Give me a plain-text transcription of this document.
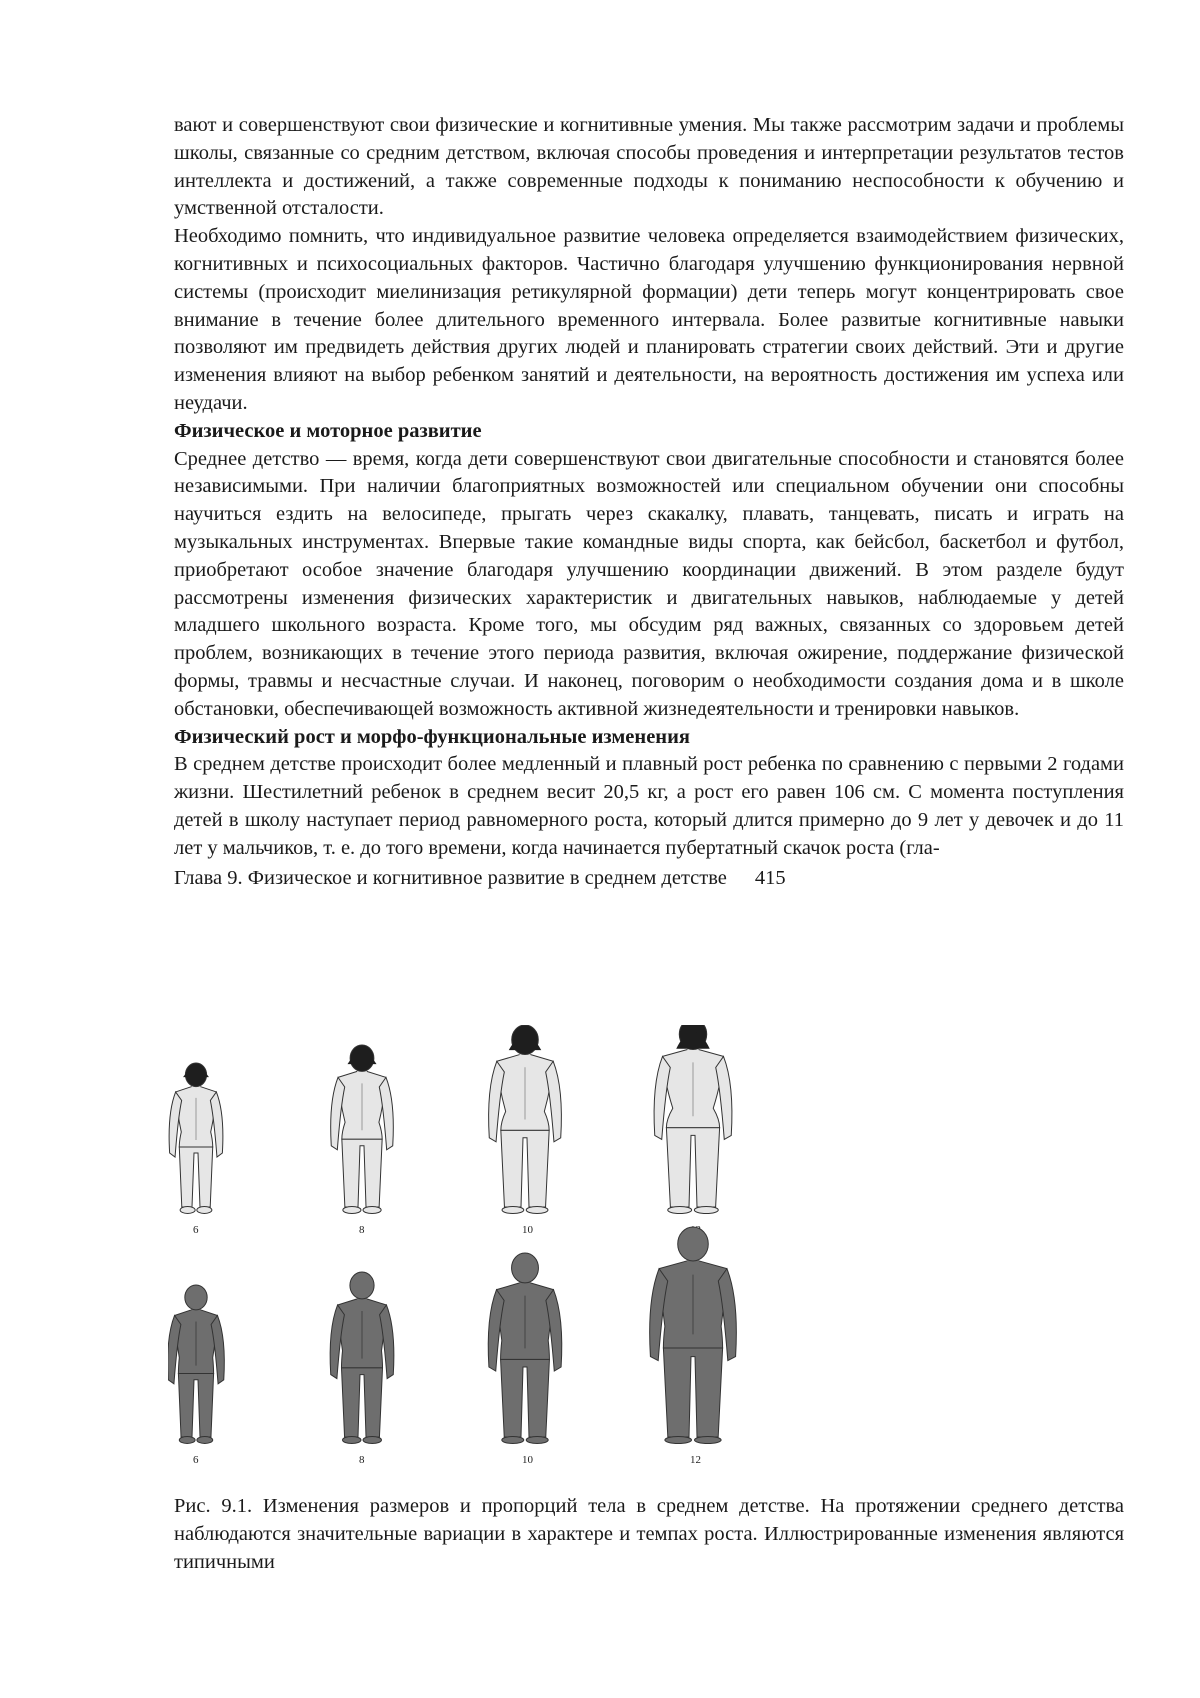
вают и совершенствуют свои физические и когнитивные умения. Мы также рассмотрим задачи и проблемы школы, связанные со средним детством, включая способы проведения и интерпретации результатов тестов интеллекта и достижений, а также современные подходы к пониманию неспособности к обучению и умственной отсталости.

Необходимо помнить, что индивидуальное развитие человека определяется взаимодействием физических, когнитивных и психосоциальных факторов. Частично благодаря улучшению функционирования нервной системы (происходит миелинизация ретикулярной формации) дети теперь могут концентрировать свое внимание в течение более длительного временного интервала. Более развитые когнитивные навыки позволяют им предвидеть действия других людей и планировать стратегии своих действий. Эти и другие изменения влияют на выбор ребенком занятий и деятельности, на вероятность достижения им успеха или неудачи.

Физическое и моторное развитие

Среднее детство — время, когда дети совершенствуют свои двигательные способности и становятся более независимыми. При наличии благоприятных возможностей или специальном обучении они способны научиться ездить на велосипеде, прыгать через скакалку, плавать, танцевать, писать и играть на музыкальных инструментах. Впервые такие командные виды спорта, как бейсбол, баскетбол и футбол, приобретают особое значение благодаря улучшению координации движений. В этом разделе будут рассмотрены изменения физических характеристик и двигательных навыков, наблюдаемые у детей младшего школьного возраста. Кроме того, мы обсудим ряд важных, связанных со здоровьем детей проблем, возникающих в течение этого периода развития, включая ожирение, поддержание физической формы, травмы и несчастные случаи. И наконец, поговорим о необходимости создания дома и в школе обстановки, обеспечивающей возможность активной жизнедеятельности и тренировки навыков.

Физический рост и морфо-функциональные изменения

В среднем детстве происходит более медленный и плавный рост ребенка по сравнению с первыми 2 годами жизни. Шестилетний ребенок в среднем весит 20,5 кг, а рост его равен 106 см. С момента поступления детей в школу наступает период равномерного роста, который длится примерно до 9 лет у девочек и до 11 лет у мальчиков, т. е. до того времени, когда начинается пубертатный скачок роста (гла-

Глава 9. Физическое и когнитивное развитие в среднем детстве 415

6	8	10
6	8	10	12

Рис. 9.1. Изменения размеров и пропорций тела в среднем детстве. На протяжении среднего детства наблюдаются значительные вариации в характере и темпах роста. Иллюстрированные изменения являются типичными
